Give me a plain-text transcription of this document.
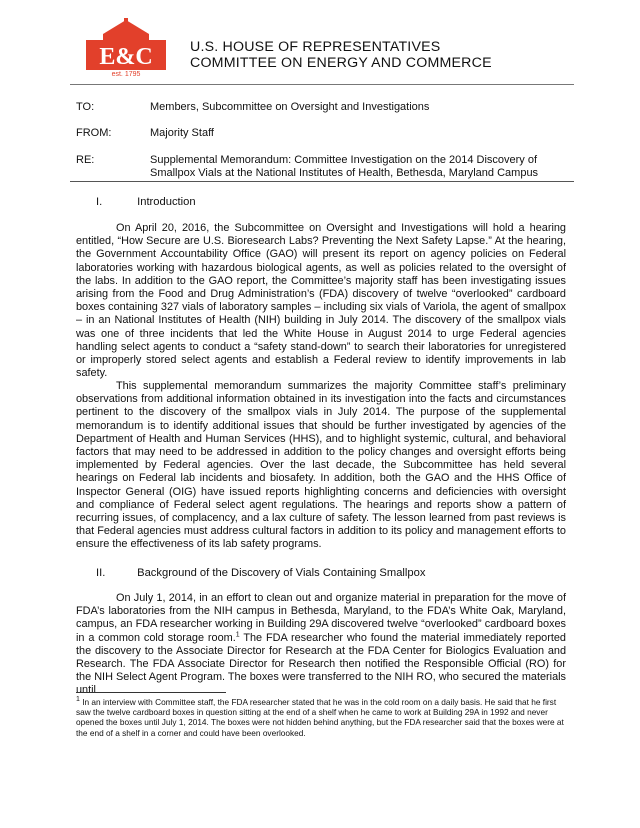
E&C
est. 1795
U.S. HOUSE OF REPRESENTATIVES
COMMITTEE ON ENERGY AND COMMERCE
TO:	Members, Subcommittee on Oversight and Investigations
FROM:	Majority Staff
RE:	Supplemental Memorandum: Committee Investigation on the 2014 Discovery of Smallpox Vials at the National Institutes of Health, Bethesda, Maryland Campus
I.	Introduction

On April 20, 2016, the Subcommittee on Oversight and Investigations will hold a hearing entitled, “How Secure are U.S. Bioresearch Labs? Preventing the Next Safety Lapse.” At the hearing, the Government Accountability Office (GAO) will present its report on agency policies on Federal laboratories working with hazardous biological agents, as well as policies related to the oversight of the labs. In addition to the GAO report, the Committee’s majority staff has been investigating issues arising from the Food and Drug Administration’s (FDA) discovery of twelve “overlooked” cardboard boxes containing 327 vials of laboratory samples – including six vials of Variola, the agent of smallpox – in an National Institutes of Health (NIH) building in July 2014. The discovery of the smallpox vials was one of three incidents that led the White House in August 2014 to urge Federal agencies handling select agents to conduct a “safety stand-down” to search their laboratories for unregistered or improperly stored select agents and establish a Federal review to identify improvements in lab safety.

This supplemental memorandum summarizes the majority Committee staff’s preliminary observations from additional information obtained in its investigation into the facts and circumstances pertinent to the discovery of the smallpox vials in July 2014. The purpose of the supplemental memorandum is to identify additional issues that should be further investigated by agencies of the Department of Health and Human Services (HHS), and to highlight systemic, cultural, and behavioral factors that may need to be addressed in addition to the policy changes and oversight efforts being implemented by Federal agencies. Over the last decade, the Subcommittee has held several hearings on Federal lab incidents and biosafety. In addition, both the GAO and the HHS Office of Inspector General (OIG) have issued reports highlighting concerns and deficiencies with oversight and compliance of Federal select agent regulations. The hearings and reports show a pattern of recurring issues, of complacency, and a lax culture of safety. The lesson learned from past reviews is that Federal agencies must address cultural factors in addition to its policy and management efforts to ensure the effectiveness of its lab safety programs.

II.	Background of the Discovery of Vials Containing Smallpox

On July 1, 2014, in an effort to clean out and organize material in preparation for the move of FDA’s laboratories from the NIH campus in Bethesda, Maryland, to the FDA’s White Oak, Maryland, campus, an FDA researcher working in Building 29A discovered twelve “overlooked” cardboard boxes in a common cold storage room.$^1$ The FDA researcher who found the material immediately reported the discovery to the Associate Director for Research at the FDA Center for Biologics Evaluation and Research. The FDA Associate Director for Research then notified the Responsible Official (RO) for the NIH Select Agent Program. The boxes were transferred to the NIH RO, who secured the materials until

$^1$ In an interview with Committee staff, the FDA researcher stated that he was in the cold room on a daily basis. He said that he first saw the twelve cardboard boxes in question sitting at the end of a shelf when he came to work at Building 29A in 1992 and never opened the boxes until July 1, 2014. The boxes were not hidden behind anything, but the FDA researcher said that the boxes were at the end of a shelf in a corner and could have been overlooked.
